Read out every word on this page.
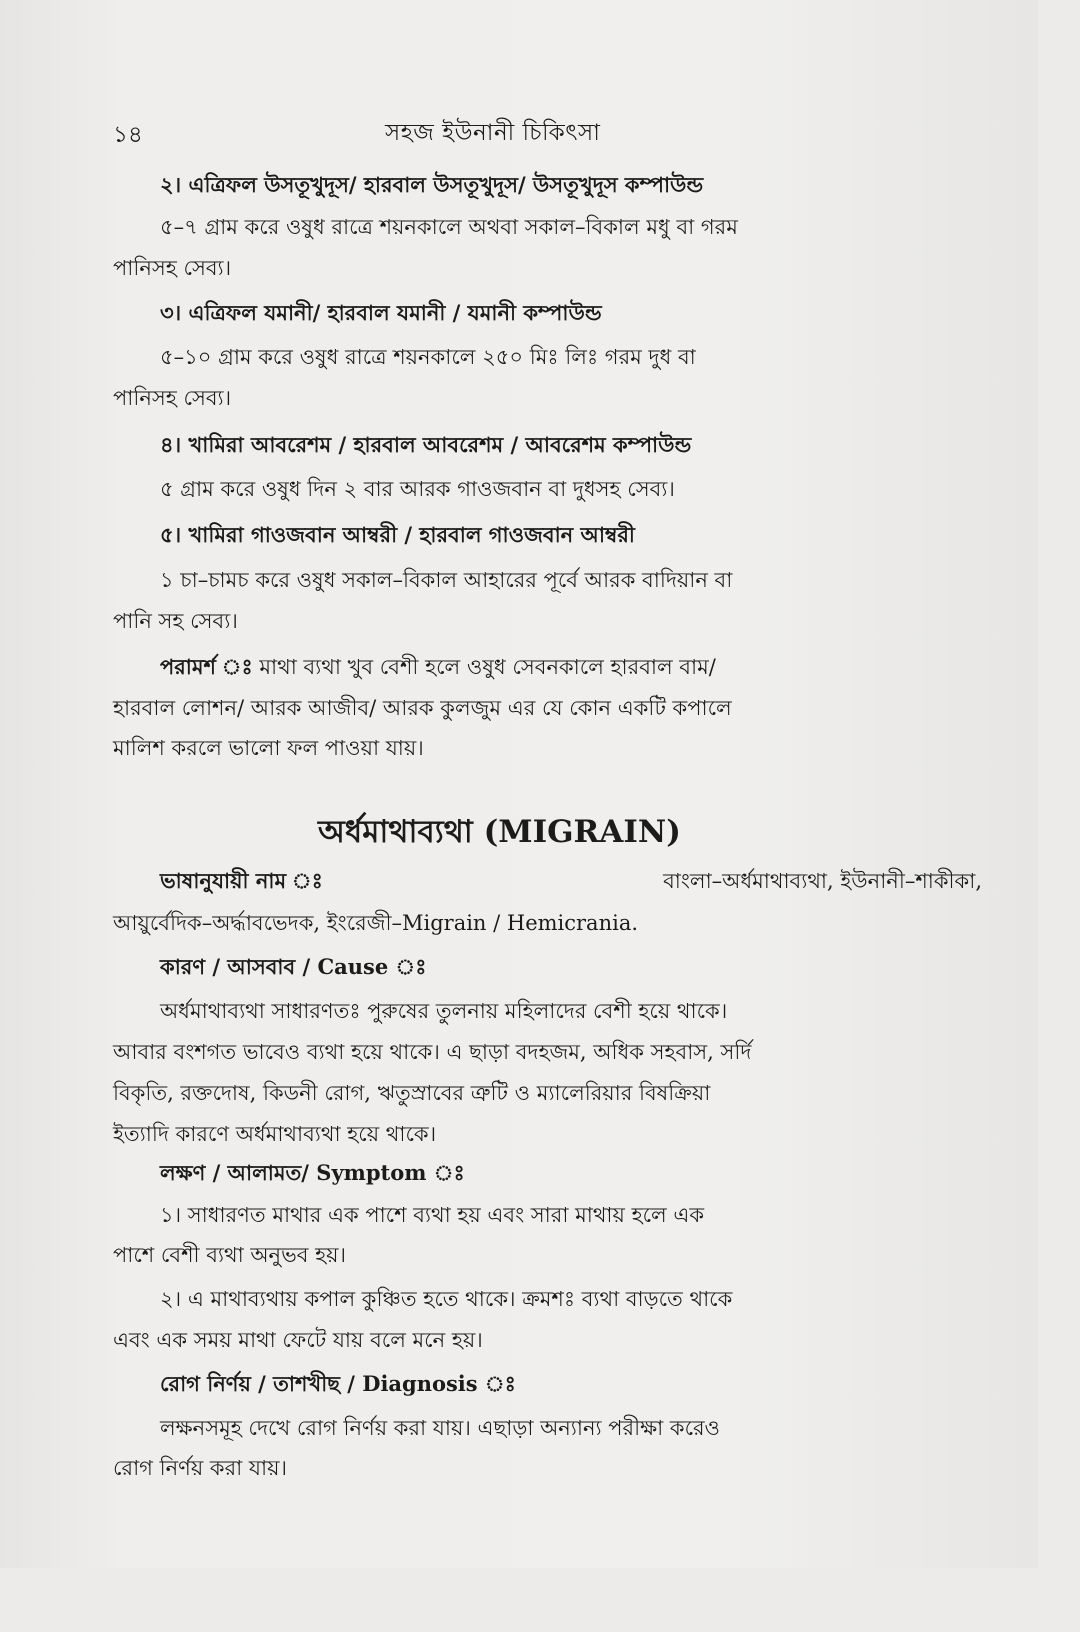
১৪	সহজ ইউনানী চিকিৎসা
২। এত্রিফল উসতূখুদূস/ হারবাল উসতূখুদূস/ উসতূখুদূস কম্পাউন্ড
৫–৭ গ্রাম করে ওষুধ রাত্রে শয়নকালে অথবা সকাল–বিকাল মধু বা গরম
পানিসহ সেব্য।
৩। এত্রিফল যমানী/ হারবাল যমানী / যমানী কম্পাউন্ড
৫–১০ গ্রাম করে ওষুধ রাত্রে শয়নকালে ২৫০ মিঃ লিঃ গরম দুধ বা
পানিসহ সেব্য।
৪। খামিরা আবরেশম / হারবাল আবরেশম / আবরেশম কম্পাউন্ড
৫ গ্রাম করে ওষুধ দিন ২ বার আরক গাওজবান বা দুধসহ সেব্য।
৫। খামিরা গাওজবান আম্বরী / হারবাল গাওজবান আম্বরী
১ চা–চামচ করে ওষুধ সকাল–বিকাল আহারের পূর্বে আরক বাদিয়ান বা
পানি সহ সেব্য।
পরামর্শ ঃ মাথা ব্যথা খুব বেশী হলে ওষুধ সেবনকালে হারবাল বাম/
হারবাল লোশন/ আরক আজীব/ আরক কুলজুম এর যে কোন একটি কপালে
মালিশ করলে ভালো ফল পাওয়া যায়।
অর্ধমাথাব্যথা (MIGRAIN)
ভাষানুযায়ী নাম ঃ	বাংলা–অর্ধমাথাব্যথা, ইউনানী–শাকীকা,
আয়ুর্বেদিক–অর্দ্ধাবভেদক, ইংরেজী–Migrain / Hemicrania.
কারণ / আসবাব / Cause ঃ
অর্ধমাথাব্যথা সাধারণতঃ পুরুষের তুলনায় মহিলাদের বেশী হয়ে থাকে।
আবার বংশগত ভাবেও ব্যথা হয়ে থাকে। এ ছাড়া বদহজম, অধিক সহবাস, সর্দি
বিকৃতি, রক্তদোষ, কিডনী রোগ, ঋতুস্রাবের ত্রুটি ও ম্যালেরিয়ার বিষক্রিয়া
ইত্যাদি কারণে অর্ধমাথাব্যথা হয়ে থাকে।
লক্ষণ / আলামত/ Symptom ঃ
১। সাধারণত মাথার এক পাশে ব্যথা হয় এবং সারা মাথায় হলে এক
পাশে বেশী ব্যথা অনুভব হয়।
২। এ মাথাব্যথায় কপাল কুঞ্চিত হতে থাকে। ক্রমশঃ ব্যথা বাড়তে থাকে
এবং এক সময় মাথা ফেটে যায় বলে মনে হয়।
রোগ নির্ণয় / তাশখীছ / Diagnosis ঃ
লক্ষনসমূহ দেখে রোগ নির্ণয় করা যায়। এছাড়া অন্যান্য পরীক্ষা করেও
রোগ নির্ণয় করা যায়।
